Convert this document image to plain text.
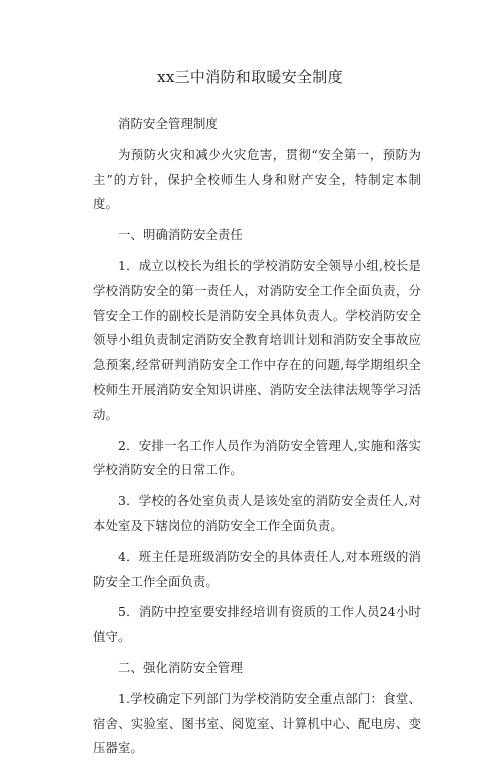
xx三中消防和取暖安全制度

消防安全管理制度

为预防火灾和减少火灾危害，贯彻“安全第一，预防为主”的方针，保护全校师生人身和财产安全，特制定本制度。

一、明确消防安全责任

1．成立以校长为组长的学校消防安全领导小组,校长是学校消防安全的第一责任人，对消防安全工作全面负责，分管安全工作的副校长是消防安全具体负责人。学校消防安全领导小组负责制定消防安全教育培训计划和消防安全事故应急预案,经常研判消防安全工作中存在的问题,每学期组织全校师生开展消防安全知识讲座、消防安全法律法规等学习活动。

2．安排一名工作人员作为消防安全管理人,实施和落实学校消防安全的日常工作。

3．学校的各处室负责人是该处室的消防安全责任人,对本处室及下辖岗位的消防安全工作全面负责。

4．班主任是班级消防安全的具体责任人,对本班级的消防安全工作全面负责。

5．消防中控室要安排经培训有资质的工作人员24小时值守。

二、强化消防安全管理

1.学校确定下列部门为学校消防安全重点部门：食堂、宿舍、实验室、图书室、阅览室、计算机中心、配电房、变压器室。
